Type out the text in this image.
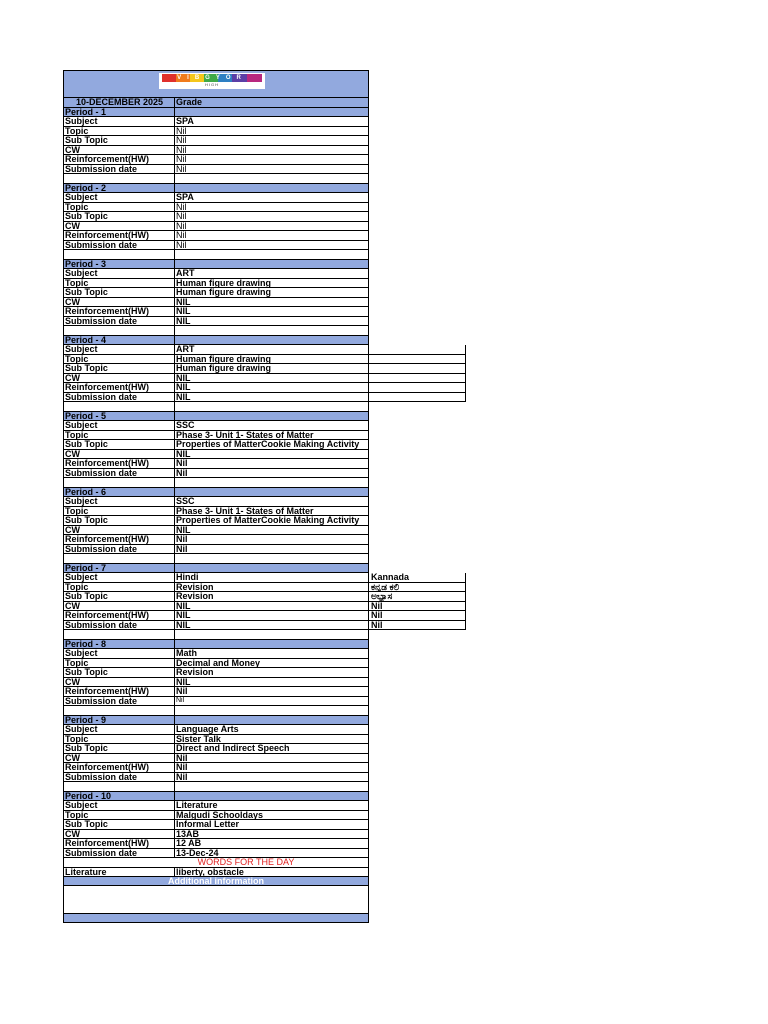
VIBGYOR
HIGH
10-DECEMBER 2025	Grade
Period - 1
Subject	SPA
Topic	Nil
Sub Topic	Nil
CW	Nil
Reinforcement(HW)	Nil
Submission date	Nil
Period - 2
Subject	SPA
Topic	Nil
Sub Topic	Nil
CW	Nil
Reinforcement(HW)	Nil
Submission date	Nil
Period - 3
Subject	ART
Topic	Human figure drawing
Sub Topic	Human figure drawing
CW	NIL
Reinforcement(HW)	NIL
Submission date	NIL
Period - 4
Subject	ART
Topic	Human figure drawing
Sub Topic	Human figure drawing
CW	NIL
Reinforcement(HW)	NIL
Submission date	NIL
Period - 5
Subject	SSC
Topic	Phase 3- Unit 1- States of Matter
Sub Topic	Properties of MatterCookie Making Activity
CW	NIL
Reinforcement(HW)	Nil
Submission date	Nil
Period - 6
Subject	SSC
Topic	Phase 3- Unit 1- States of Matter
Sub Topic	Properties of MatterCookie Making Activity
CW	NIL
Reinforcement(HW)	Nil
Submission date	Nil
Period - 7
Subject	Hindi	Kannada
Topic	Revision	ಕನ್ನಡ ಕಲಿ
Sub Topic	Revision	ಅಭ್ಯಾಸ
CW	NIL	Nil
Reinforcement(HW)	NIL	Nil
Submission date	NIL	Nil
Period - 8
Subject	Math
Topic	Decimal and Money
Sub Topic	Revision
CW	NIL
Reinforcement(HW)	Nil
Submission date	Nil
Period - 9
Subject	Language Arts
Topic	Sister Talk
Sub Topic	Direct and Indirect Speech
CW	Nil
Reinforcement(HW)	Nil
Submission date	Nil
Period - 10
Subject	Literature
Topic	Malgudi Schooldays
Sub Topic	Informal Letter
CW	13AB
Reinforcement(HW)	12 AB
Submission date	13-Dec-24
WORDS FOR THE DAY
Literature	liberty, obstacle
Additional information
